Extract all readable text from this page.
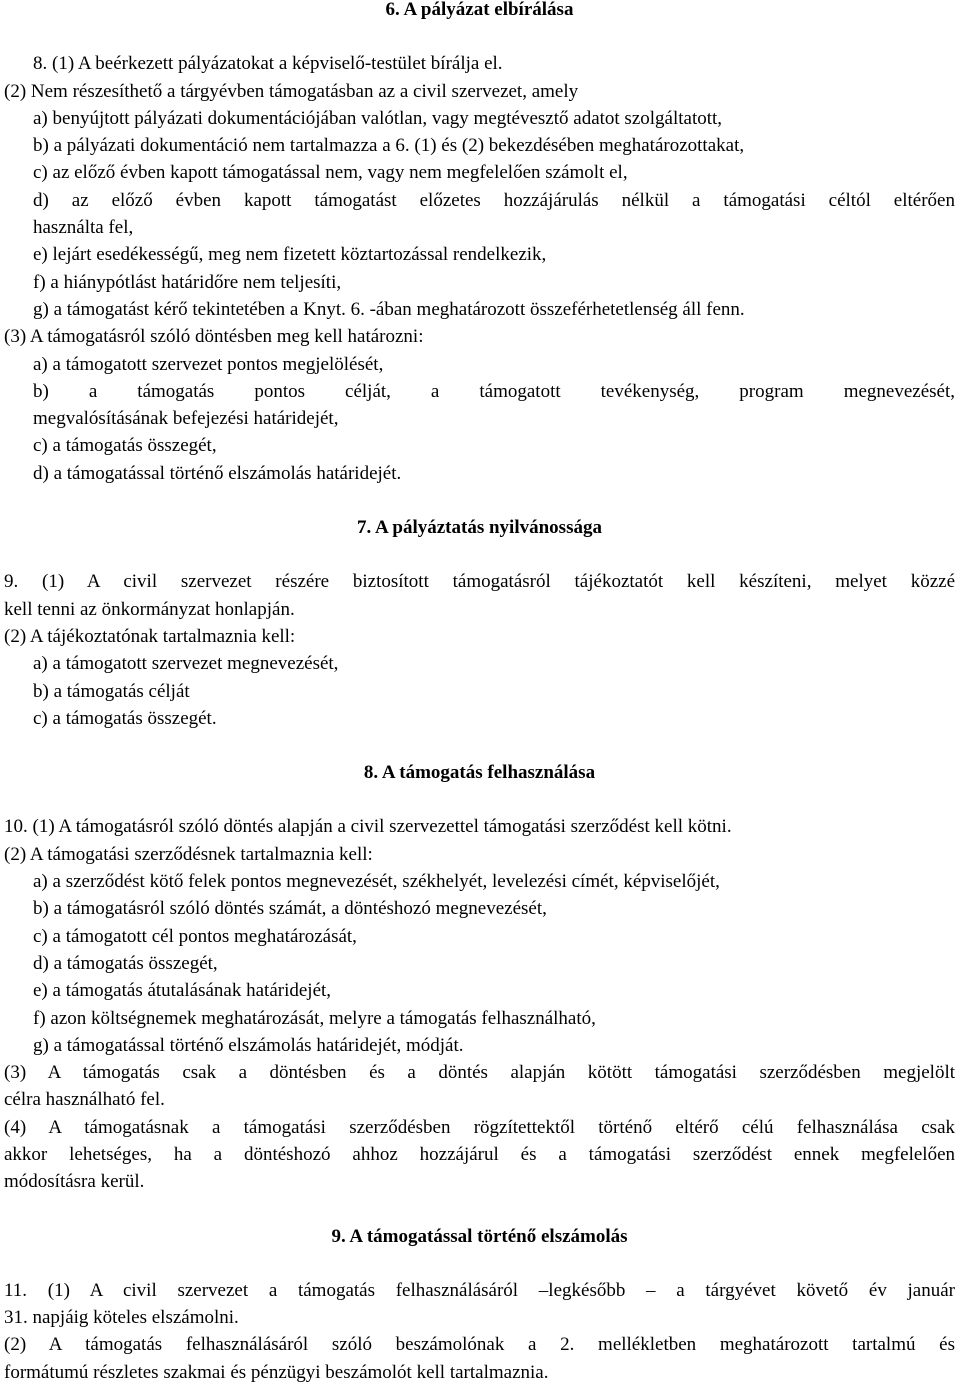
6. A pályázat elbírálása

8. (1) A beérkezett pályázatokat a képviselő-testület bírálja el.

(2) Nem részesíthető a tárgyévben támogatásban az a civil szervezet, amely

a) benyújtott pályázati dokumentációjában valótlan, vagy megtévesztő adatot szolgáltatott,

b) a pályázati dokumentáció nem tartalmazza a 6. (1) és (2) bekezdésében meghatározottakat,

c) az előző évben kapott támogatással nem, vagy nem megfelelően számolt el,

d) az előző évben kapott támogatást előzetes hozzájárulás nélkül a támogatási céltól eltérően

használta fel,

e) lejárt esedékességű, meg nem fizetett köztartozással rendelkezik,

f) a hiánypótlást határidőre nem teljesíti,

g) a támogatást kérő tekintetében a Knyt. 6. -ában meghatározott összeférhetetlenség áll fenn.

(3) A támogatásról szóló döntésben meg kell határozni:

a) a támogatott szervezet pontos megjelölését,

b) a támogatás pontos célját, a támogatott tevékenység, program megnevezését,

megvalósításának befejezési határidejét,

c) a támogatás összegét,

d) a támogatással történő elszámolás határidejét.

7. A pályáztatás nyilvánossága

9. (1) A civil szervezet részére biztosított támogatásról tájékoztatót kell készíteni, melyet közzé

kell tenni az önkormányzat honlapján.

(2) A tájékoztatónak tartalmaznia kell:

a) a támogatott szervezet megnevezését,

b) a támogatás célját

c) a támogatás összegét.

8. A támogatás felhasználása

10. (1) A támogatásról szóló döntés alapján a civil szervezettel támogatási szerződést kell kötni.

(2) A támogatási szerződésnek tartalmaznia kell:

a) a szerződést kötő felek pontos megnevezését, székhelyét, levelezési címét, képviselőjét,

b) a támogatásról szóló döntés számát, a döntéshozó megnevezését,

c) a támogatott cél pontos meghatározását,

d) a támogatás összegét,

e) a támogatás átutalásának határidejét,

f) azon költségnemek meghatározását, melyre a támogatás felhasználható,

g) a támogatással történő elszámolás határidejét, módját.

(3) A támogatás csak a döntésben és a döntés alapján kötött támogatási szerződésben megjelölt

célra használható fel.

(4) A támogatásnak a támogatási szerződésben rögzítettektől történő eltérő célú felhasználása csak

akkor lehetséges, ha a döntéshozó ahhoz hozzájárul és a támogatási szerződést ennek megfelelően

módosításra kerül.

9. A támogatással történő elszámolás

11. (1) A civil szervezet a támogatás felhasználásáról –legkésőbb – a tárgyévet követő év január

31. napjáig köteles elszámolni.

(2) A támogatás felhasználásáról szóló beszámolónak a 2. mellékletben meghatározott tartalmú és

formátumú részletes szakmai és pénzügyi beszámolót kell tartalmaznia.
